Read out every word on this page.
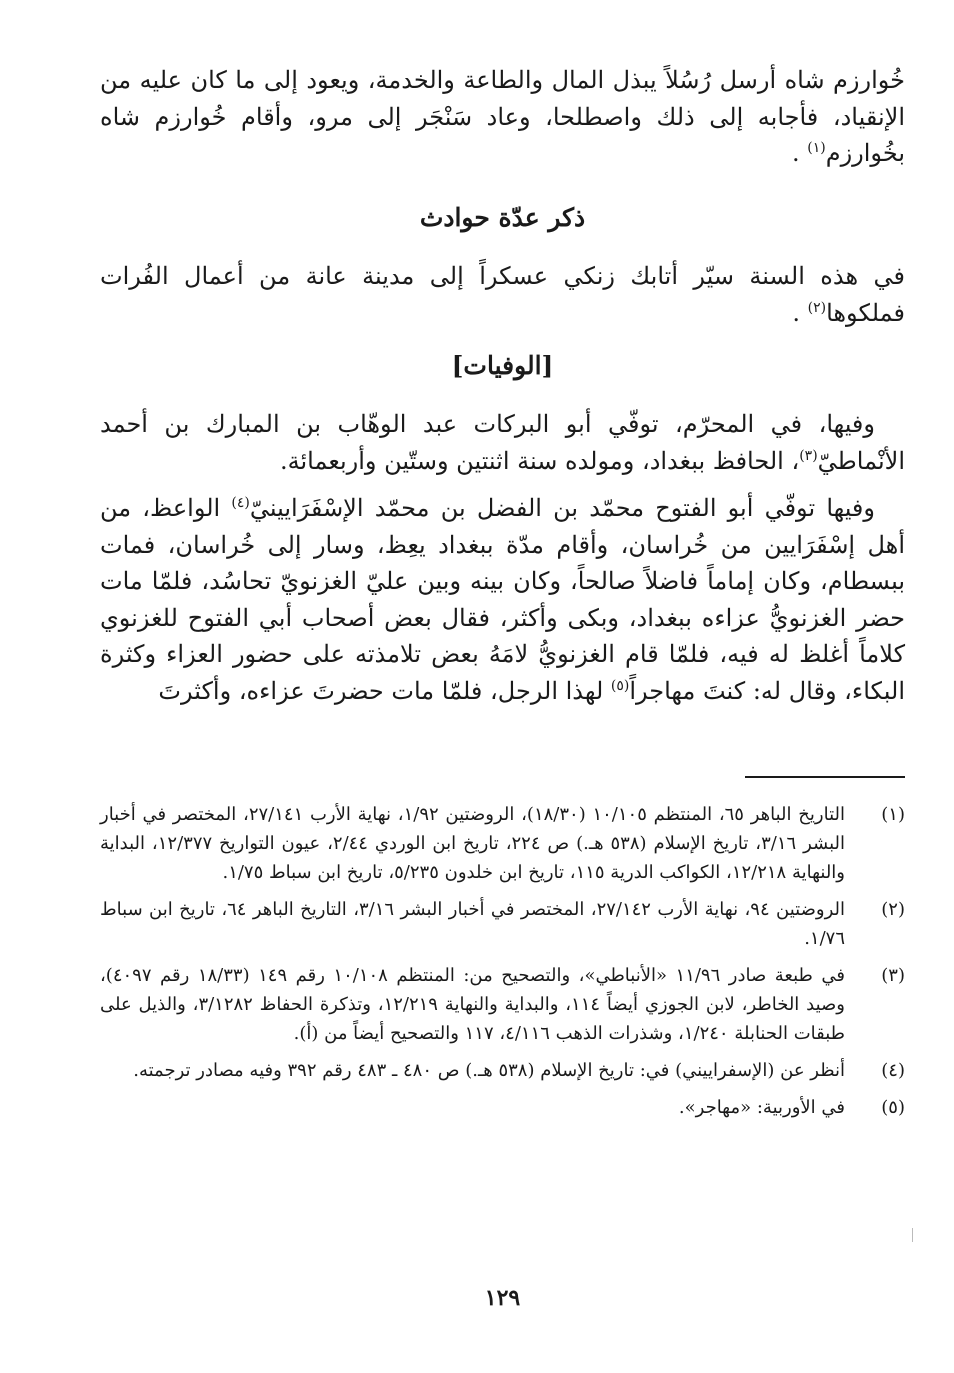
خُوارزم شاه أرسل رُسُلاً يبذل المال والطاعة والخدمة، ويعود إلى ما كان عليه من الإنقياد، فأجابه إلى ذلك واصطلحا، وعاد سَنْجَر إلى مرو، وأقام خُوارزم شاه بخُوارزم$^{(١)}$ .

ذكر عدّة حوادث

في هذه السنة سيّر أتابك زنكي عسكراً إلى مدينة عانة من أعمال الفُرات فملكوها$^{(٢)}$ .

[الوفيات]

وفيها، في المحرّم، توفّي أبو البركات عبد الوهّاب بن المبارك بن أحمد الأنْماطيّ$^{(٣)}$، الحافظ ببغداد، ومولده سنة اثنتين وستّين وأربعمائة.

وفيها توفّي أبو الفتوح محمّد بن الفضل بن محمّد الإسْفَرَايينيّ$^{(٤)}$ الواعظ، من أهل إسْفَرَايين من خُراسان، وأقام مدّة ببغداد يعِظ، وسار إلى خُراسان، فمات ببسطام، وكان إماماً فاضلاً صالحاً، وكان بينه وبين عليّ الغزنويّ تحاسُد، فلمّا مات حضر الغزنويُّ عزاءه ببغداد، وبكى وأكثر، فقال بعض أصحاب أبي الفتوح للغزنوي كلاماً أغلظ له فيه، فلمّا قام الغزنويُّ لامَهُ بعض تلامذته على حضور العزاء وكثرة البكاء، وقال له: كنتَ مهاجراً$^{(٥)}$ لهذا الرجل، فلمّا مات حضرتَ عزاءه، وأكثرتَ

(١)
التاريخ الباهر ٦٥، المنتظم ١٠/١٠٥ (١٨/٣٠)، الروضتين ١/٩٢، نهاية الأرب ٢٧/١٤١، المختصر في أخبار البشر ٣/١٦، تاريخ الإسلام (٥٣٨ هـ.) ص ٢٢٤، تاريخ ابن الوردي ٢/٤٤، عيون التواريخ ١٢/٣٧٧، البداية والنهاية ١٢/٢١٨، الكواكب الدرية ١١٥، تاريخ ابن خلدون ٥/٢٣٥، تاريخ ابن سباط ١/٧٥.
(٢)
الروضتين ٩٤، نهاية الأرب ٢٧/١٤٢، المختصر في أخبار البشر ٣/١٦، التاريخ الباهر ٦٤، تاريخ ابن سباط ١/٧٦.
(٣)
في طبعة صادر ١١/٩٦ «الأنباطي»، والتصحيح من: المنتظم ١٠/١٠٨ رقم ١٤٩ (١٨/٣٣ رقم ٤٠٩٧)، وصيد الخاطر، لابن الجوزي أيضاً ١١٤، والبداية والنهاية ١٢/٢١٩، وتذكرة الحفاظ ٣/١٢٨٢، والذيل على طبقات الحنابلة ١/٢٤٠، وشذرات الذهب ٤/١١٦، ١١٧ والتصحيح أيضاً من (أ).
(٤)
أنظر عن (الإسفراييني) في: تاريخ الإسلام (٥٣٨ هـ.) ص ٤٨٠ ـ ٤٨٣ رقم ٣٩٢ وفيه مصادر ترجمته.
(٥)
في الأوربية: «مهاجر».
١٢٩
